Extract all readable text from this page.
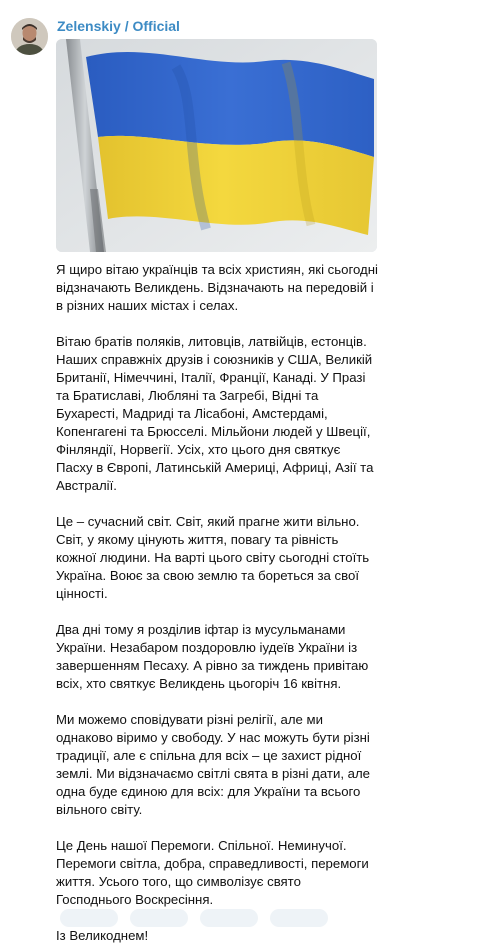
Zelenskiy / Official
Я щиро вітаю українців та всіх християн, які сьогодні відзначають Великдень. Відзначають на передовій і в різних наших містах і селах.

Вітаю братів поляків, литовців, латвійців, естонців. Наших справжніх друзів і союзників у США, Великій Британії, Німеччині, Італії, Франції, Канаді. У Празі та Братиславі, Любляні та Загребі, Відні та Бухаресті, Мадриді та Лісабоні, Амстердамі, Копенгагені та Брюсселі. Мільйони людей у Швеції, Фінляндії, Норвегії. Усіх, хто цього дня святкує Пасху в Європі, Латинській Америці, Африці, Азії та Австралії.

Це – сучасний світ. Світ, який прагне жити вільно. Світ, у якому цінують життя, повагу та рівність кожної людини. На варті цього світу сьогодні стоїть Україна. Воює за свою землю та бореться за свої цінності.

Два дні тому я розділив іфтар із мусульманами України. Незабаром поздоровлю іудеїв України із завершенням Песаху. А рівно за тиждень привітаю всіх, хто святкує Великдень цьогоріч 16 квітня.

Ми можемо сповідувати різні релігії, але ми однаково віримо у свободу. У нас можуть бути різні традиції, але є спільна для всіх – це захист рідної землі. Ми відзначаємо світлі свята в різні дати, але одна буде єдиною для всіх: для України та всього вільного світу.

Це День нашої Перемоги. Спільної. Неминучої. Перемоги світла, добра, справедливості, перемоги життя. Усього того, що символізує свято Господнього Воскресіння.

Із Великоднем!
